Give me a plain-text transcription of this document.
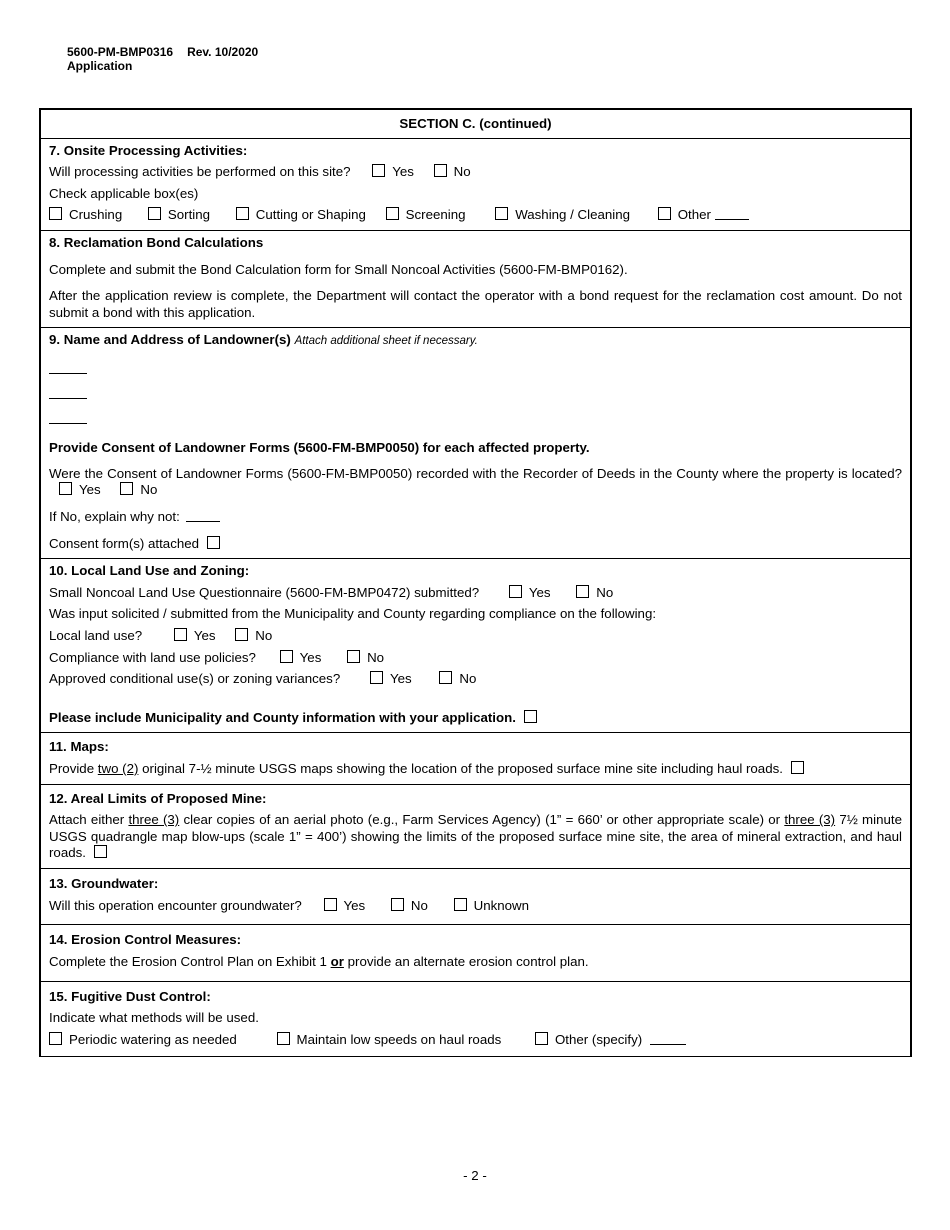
5600-PM-BMP0316 Rev. 10/2020
Application
SECTION C. (continued)
7. Onsite Processing Activities:
Will processing activities be performed on this site?	Yes	No
Check applicable box(es)
Crushing	Sorting	Cutting or Shaping	Screening	Washing / Cleaning	Other
8. Reclamation Bond Calculations
Complete and submit the Bond Calculation form for Small Noncoal Activities (5600-FM-BMP0162).
After the application review is complete, the Department will contact the operator with a bond request for the reclamation cost amount. Do not submit a bond with this application.
9. Name and Address of Landowner(s) Attach additional sheet if necessary.
Provide Consent of Landowner Forms (5600-FM-BMP0050) for each affected property.
Were the Consent of Landowner Forms (5600-FM-BMP0050) recorded with the Recorder of Deeds in the County where the property is located? Yes	No
If No, explain why not:
Consent form(s) attached
10. Local Land Use and Zoning:
Small Noncoal Land Use Questionnaire (5600-FM-BMP0472) submitted?	Yes	No
Was input solicited / submitted from the Municipality and County regarding compliance on the following:
Local land use?	Yes	No
Compliance with land use policies?	Yes	No
Approved conditional use(s) or zoning variances?	Yes	No
Please include Municipality and County information with your application.
11. Maps:
Provide two (2) original 7-½ minute USGS maps showing the location of the proposed surface mine site including haul roads.
12. Areal Limits of Proposed Mine:
Attach either three (3) clear copies of an aerial photo (e.g., Farm Services Agency) (1” = 660’ or other appropriate scale) or three (3) 7½ minute USGS quadrangle map blow-ups (scale 1” = 400’) showing the limits of the proposed surface mine site, the area of mineral extraction, and haul roads.
13. Groundwater:
Will this operation encounter groundwater?	Yes	No	Unknown
14. Erosion Control Measures:
Complete the Erosion Control Plan on Exhibit 1 or provide an alternate erosion control plan.
15. Fugitive Dust Control:
Indicate what methods will be used.
Periodic watering as needed	Maintain low speeds on haul roads	Other (specify)
- 2 -
